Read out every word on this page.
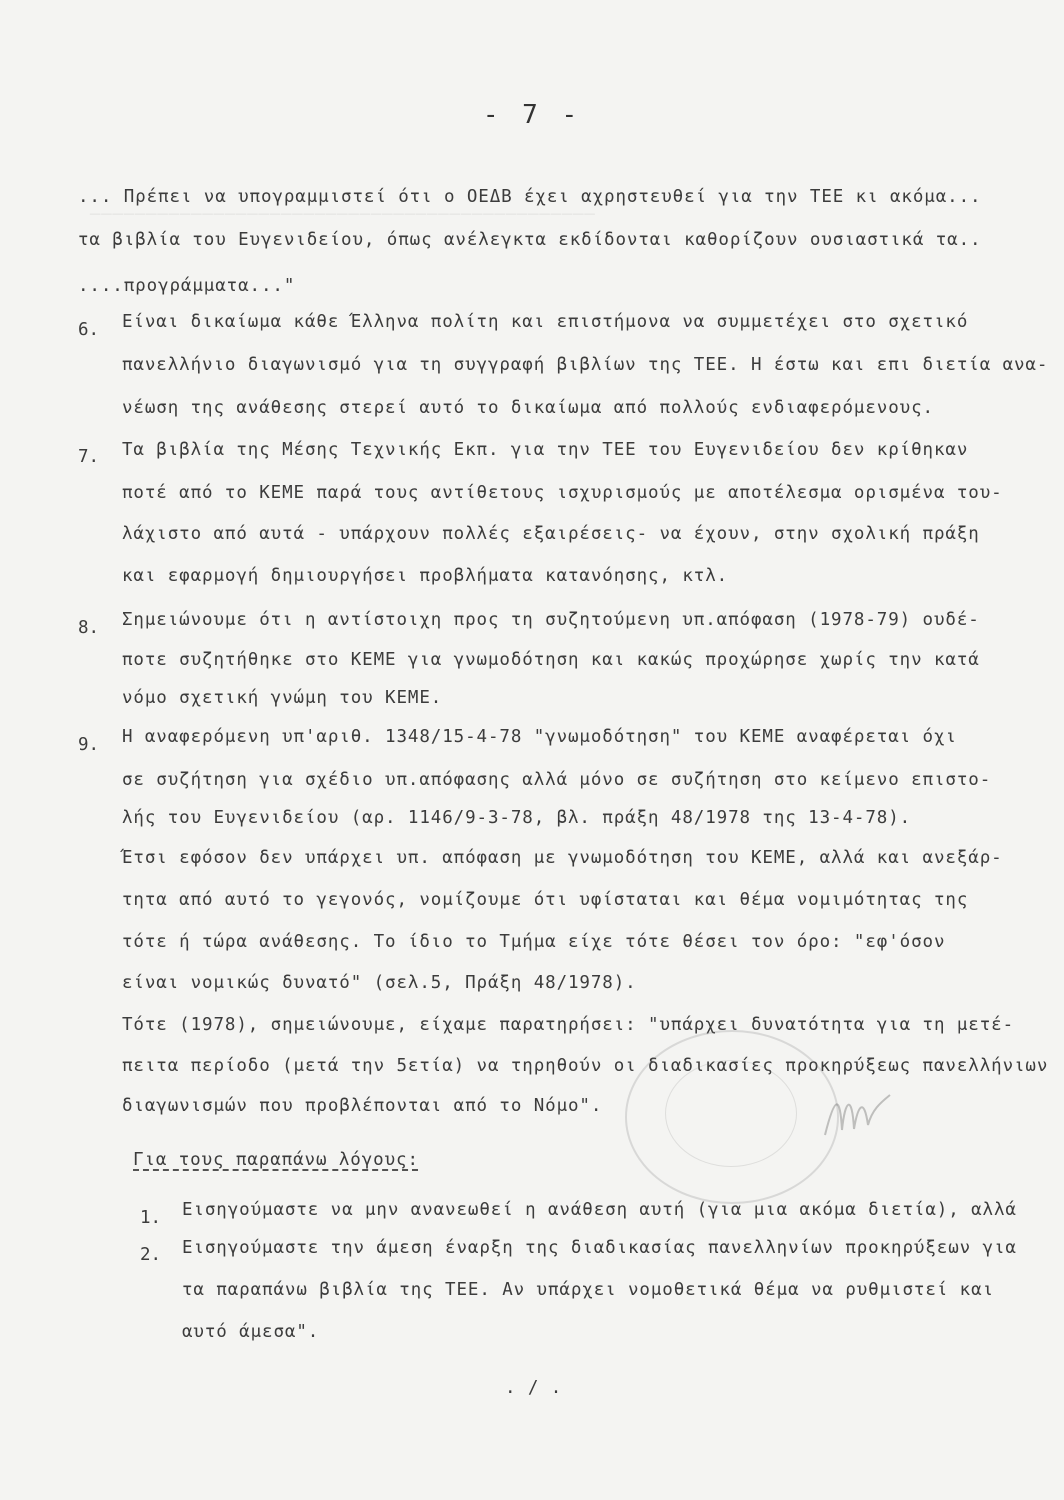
─────────────────────────────────────────────
- 7 -
... Πρέπει να υπογραμμιστεί ότι ο ΟΕΔΒ έχει αχρηστευθεί για την ΤΕΕ κι ακόμα...
τα βιβλία του Ευγενιδείου, όπως ανέλεγκτα εκδίδονται καθορίζουν ουσιαστικά τα..
....προγράμματα..."
6. Είναι δικαίωμα κάθε Έλληνα πολίτη και επιστήμονα να συμμετέχει στο σχετικό
πανελλήνιο διαγωνισμό για τη συγγραφή βιβλίων της ΤΕΕ. Η έστω και επι διετία ανα-
νέωση της ανάθεσης στερεί αυτό το δικαίωμα από πολλούς ενδιαφερόμενους.
7. Τα βιβλία της Μέσης Τεχνικής Εκπ. για την ΤΕΕ του Ευγενιδείου δεν κρίθηκαν
ποτέ από το ΚΕΜΕ παρά τους αντίθετους ισχυρισμούς με αποτέλεσμα ορισμένα του-
λάχιστο από αυτά - υπάρχουν πολλές εξαιρέσεις- να έχουν, στην σχολική πράξη
και εφαρμογή δημιουργήσει προβλήματα κατανόησης, κτλ.
8. Σημειώνουμε ότι η αντίστοιχη προς τη συζητούμενη υπ.απόφαση (1978-79) ουδέ-
ποτε συζητήθηκε στο ΚΕΜΕ για γνωμοδότηση και κακώς προχώρησε χωρίς την κατά
νόμο σχετική γνώμη του ΚΕΜΕ.
9. Η αναφερόμενη υπ'αριθ. 1348/15-4-78 "γνωμοδότηση" του ΚΕΜΕ αναφέρεται όχι
σε συζήτηση για σχέδιο υπ.απόφασης αλλά μόνο σε συζήτηση στο κείμενο επιστο-
λής του Ευγενιδείου (αρ. 1146/9-3-78, βλ. πράξη 48/1978 της 13-4-78).
Έτσι εφόσον δεν υπάρχει υπ. απόφαση με γνωμοδότηση του ΚΕΜΕ, αλλά και ανεξάρ-
τητα από αυτό το γεγονός, νομίζουμε ότι υφίσταται και θέμα νομιμότητας της
τότε ή τώρα ανάθεσης. Το ίδιο το Τμήμα είχε τότε θέσει τον όρο: "εφ'όσον
είναι νομικώς δυνατό" (σελ.5, Πράξη 48/1978).
Τότε (1978), σημειώνουμε, είχαμε παρατηρήσει: "υπάρχει δυνατότητα για τη μετέ-
πειτα περίοδο (μετά την 5ετία) να τηρηθούν οι διαδικασίες προκηρύξεως πανελλήνιων
διαγωνισμών που προβλέπονται από το Νόμο".
Για τους παραπάνω λόγους:
1. Εισηγούμαστε να μην ανανεωθεί η ανάθεση αυτή (για μια ακόμα διετία), αλλά
2. Εισηγούμαστε την άμεση έναρξη της διαδικασίας πανελληνίων προκηρύξεων για
τα παραπάνω βιβλία της ΤΕΕ. Αν υπάρχει νομοθετικά θέμα να ρυθμιστεί και
αυτό άμεσα".
. / .
